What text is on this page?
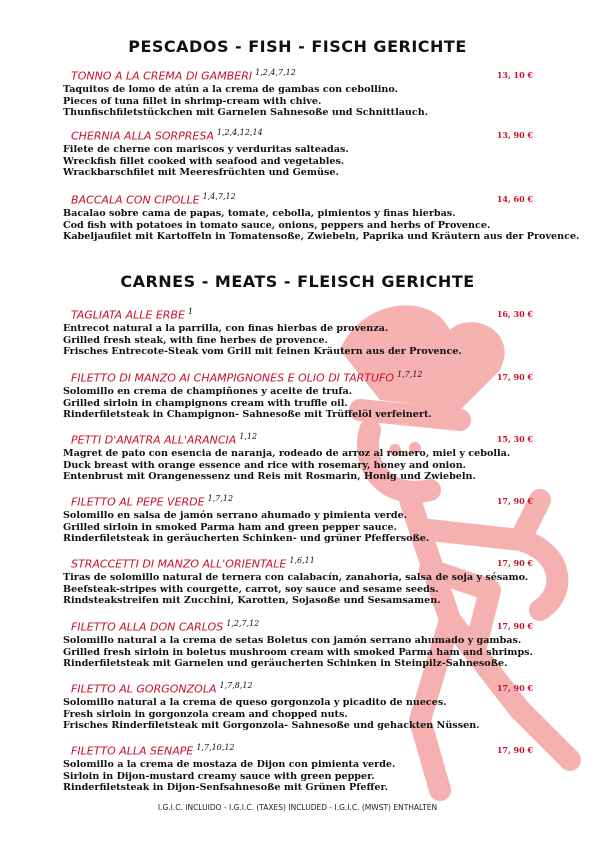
PESCADOS - FISH - FISCH GERICHTE
TONNO A LA CREMA DI GAMBERI $^{1,2,4,7,12}$	13, 10 €
Taquitos de lomo de atún a la crema de gambas con cebollino.
Pieces of tuna fillet in shrimp-cream with chive.
Thunfischfiletstückchen mit Garnelen Sahnesoße und Schnittlauch.
CHERNIA ALLA SORPRESA $^{1,2,4,12,14}$	13, 90 €
Filete de cherne con mariscos y verduritas salteadas.
Wreckfish fillet cooked with seafood and vegetables.
Wrackbarschfilet mit Meeresfrüchten und Gemüse.
BACCALA CON CIPOLLE $^{1,4,7,12}$	14, 60 €
Bacalao sobre cama de papas, tomate, cebolla, pimientos y finas hierbas.
Cod fish with potatoes in tomato sauce, onions, peppers and herbs of Provence.
Kabeljaufilet mit Kartoffeln in Tomatensoße, Zwiebeln, Paprika und Kräutern aus der Provence.
CARNES - MEATS - FLEISCH GERICHTE
TAGLIATA ALLE ERBE $^1$	16, 30 €
Entrecot natural a la parrilla, con finas hierbas de provenza.
Grilled fresh steak, with fine herbes de provence.
Frisches Entrecote-Steak vom Grill mit feinen Kräutern aus der Provence.
FILETTO DI MANZO AI CHAMPIGNONES E OLIO DI TARTUFO $^{1,7,12}$	17, 90 €
Solomillo en crema de champiñones y aceite de trufa.
Grilled sirloin in champignons cream with truffle oil.
Rinderfiletsteak in Champignon- Sahnesoße mit Trüffelöl verfeinert.
PETTI D'ANATRA ALL'ARANCIA $^{1,12}$	15, 30 €
Magret de pato con esencia de naranja, rodeado de arroz al romero, miel y cebolla.
Duck breast with orange essence and rice with rosemary, honey and onion.
Entenbrust mit Orangenessenz und Reis mit Rosmarin, Honig und Zwiebeln.
FILETTO AL PEPE VERDE $^{1,7,12}$	17, 90 €
Solomillo en salsa de jamón serrano ahumado y pimienta verde.
Grilled sirloin in smoked Parma ham and green pepper sauce.
Rinderfiletsteak in geräucherten Schinken- und grüner Pfeffersoße.
STRACCETTI DI MANZO ALL'ORIENTALE $^{1,6,11}$	17, 90 €
Tiras de solomillo natural de ternera con calabacín, zanahoria, salsa de soja y sésamo.
Beefsteak-stripes with courgette, carrot, soy sauce and sesame seeds.
Rindsteakstreifen mit Zucchini, Karotten, Sojasoße und Sesamsamen.
FILETTO ALLA DON CARLOS $^{1,2,7,12}$	17, 90 €
Solomillo natural a la crema de setas Boletus con jamón serrano ahumado y gambas.
Grilled fresh sirloin in boletus mushroom cream with smoked Parma ham and shrimps.
Rinderfiletsteak mit Garnelen und geräucherten Schinken in Steinpilz-Sahnesoße.
FILETTO AL GORGONZOLA $^{1,7,8,12}$	17, 90 €
Solomillo natural a la crema de queso gorgonzola y picadito de nueces.
Fresh sirloin in gorgonzola cream and chopped nuts.
Frisches Rinderfiletsteak mit Gorgonzola- Sahnesoße und gehackten Nüssen.
FILETTO ALLA SENAPE $^{1,7,10,12}$	17, 90 €
Solomillo a la crema de mostaza de Dijon con pimienta verde.
Sirloin in Dijon-mustard creamy sauce with green pepper.
Rinderfiletsteak in Dijon-Senfsahnesoße mit Grünen Pfeffer.
I.G.I.C. INCLUIDO - I.G.I.C. (TAXES) INCLUDED - I.G.I.C. (MWST) ENTHALTEN
